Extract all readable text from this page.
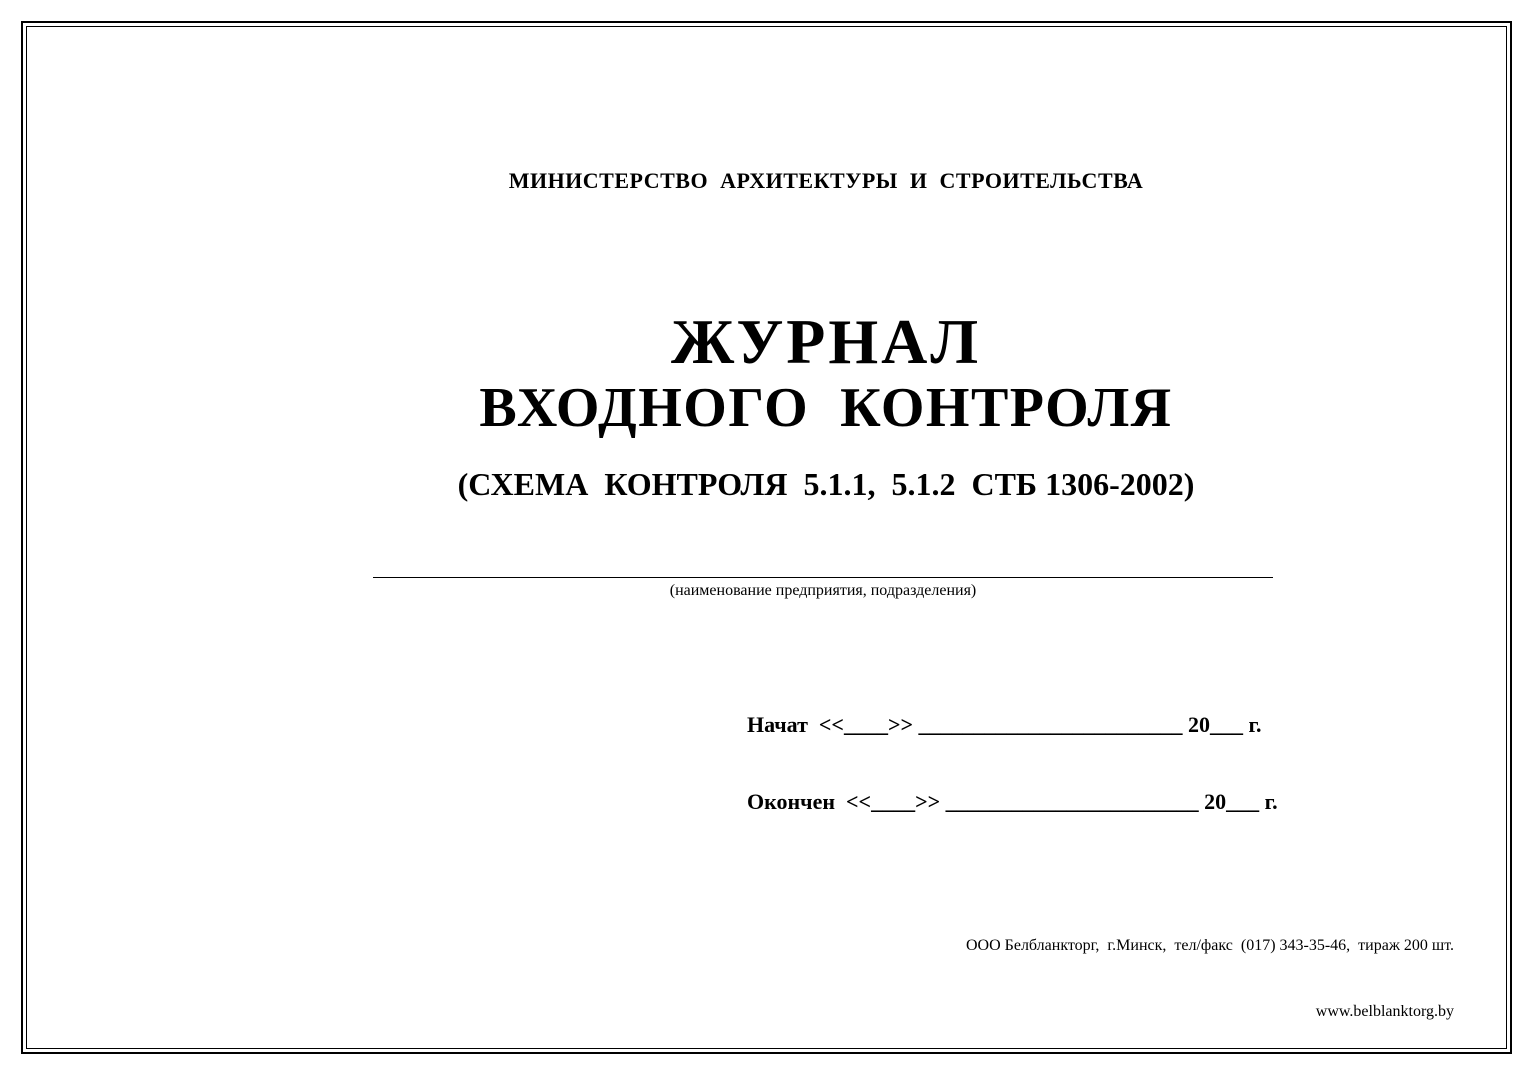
МИНИСТЕРСТВО  АРХИТЕКТУРЫ  И  СТРОИТЕЛЬСТВА

ЖУРНАЛ

ВХОДНОГО  КОНТРОЛЯ

(СХЕМА  КОНТРОЛЯ  5.1.1,  5.1.2  СТБ 1306-2002)

(наименование предприятия, подразделения)

Начат  <<____>> ________________________ 20___ г.

Окончен  <<____>> _______________________ 20___ г.

ООО Белбланкторг,  г.Минск,  тел/факс  (017) 343-35-46,  тираж 200 шт.

www.belblanktorg.by
